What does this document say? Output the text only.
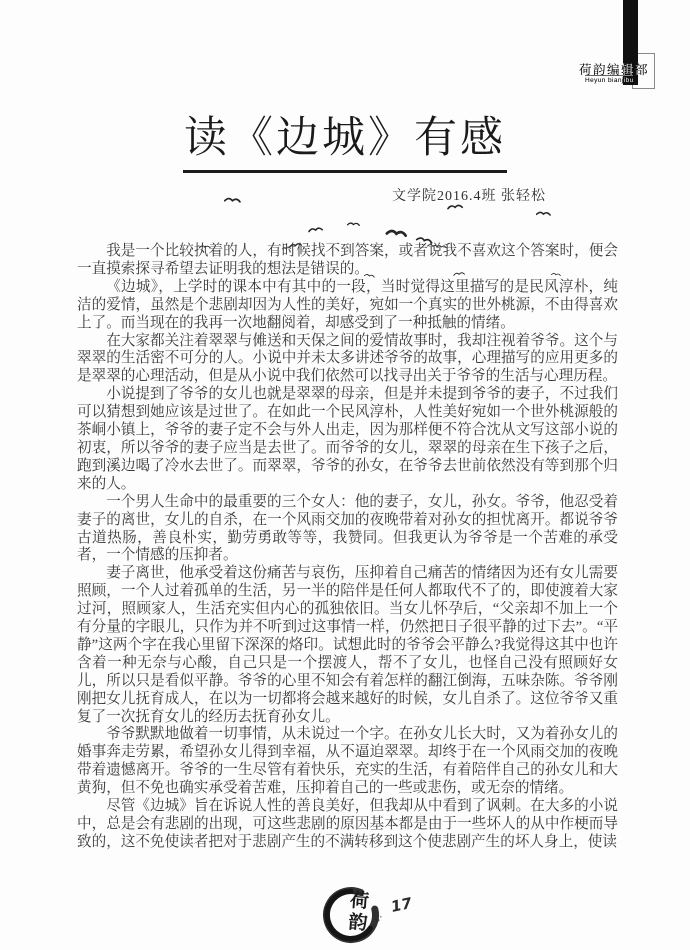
荷韵编辑部
Heyun bianjibu
读《边城》有感
文学院2016.4班 张轻松

我是一个比较执着的人，有时候找不到答案，或者说我不喜欢这个答案时，便会一直摸索探寻希望去证明我的想法是错误的。

《边城》，上学时的课本中有其中的一段，当时觉得这里描写的是民风淳朴，纯洁的爱情，虽然是个悲剧却因为人性的美好，宛如一个真实的世外桃源，不由得喜欢上了。而当现在的我再一次地翻阅着，却感受到了一种抵触的情绪。

在大家都关注着翠翠与傩送和天保之间的爱情故事时，我却注视着爷爷。这个与翠翠的生活密不可分的人。小说中并未太多讲述爷爷的故事，心理描写的应用更多的是翠翠的心理活动，但是从小说中我们依然可以找寻出关于爷爷的生活与心理历程。

小说提到了爷爷的女儿也就是翠翠的母亲，但是并未提到爷爷的妻子，不过我们可以猜想到她应该是过世了。在如此一个民风淳朴，人性美好宛如一个世外桃源般的茶峒小镇上，爷爷的妻子定不会与外人出走，因为那样便不符合沈从文写这部小说的初衷，所以爷爷的妻子应当是去世了。而爷爷的女儿，翠翠的母亲在生下孩子之后，跑到溪边喝了冷水去世了。而翠翠，爷爷的孙女，在爷爷去世前依然没有等到那个归来的人。

一个男人生命中的最重要的三个女人：他的妻子，女儿，孙女。爷爷，他忍受着妻子的离世，女儿的自杀，在一个风雨交加的夜晚带着对孙女的担忧离开。都说爷爷古道热肠，善良朴实，勤劳勇敢等等，我赞同。但我更认为爷爷是一个苦难的承受者，一个情感的压抑者。

妻子离世，他承受着这份痛苦与哀伤，压抑着自己痛苦的情绪因为还有女儿需要照顾，一个人过着孤单的生活，另一半的陪伴是任何人都取代不了的，即使渡着大家过河，照顾家人，生活充实但内心的孤独依旧。当女儿怀孕后，“父亲却不加上一个有分量的字眼儿，只作为并不听到过这事情一样，仍然把日子很平静的过下去”。“平静”这两个字在我心里留下深深的烙印。试想此时的爷爷会平静么?我觉得这其中也许含着一种无奈与心酸，自己只是一个摆渡人，帮不了女儿，也怪自己没有照顾好女儿，所以只是看似平静。爷爷的心里不知会有着怎样的翻江倒海，五味杂陈。爷爷刚刚把女儿抚育成人，在以为一切都将会越来越好的时候，女儿自杀了。这位爷爷又重复了一次抚育女儿的经历去抚育孙女儿。

爷爷默默地做着一切事情，从未说过一个字。在孙女儿长大时，又为着孙女儿的婚事奔走劳累，希望孙女儿得到幸福，从不逼迫翠翠。却终于在一个风雨交加的夜晚带着遗憾离开。爷爷的一生尽管有着快乐，充实的生活，有着陪伴自己的孙女儿和大黄狗，但不免也确实承受着苦难，压抑着自己的一些或悲伤，或无奈的情绪。

尽管《边城》旨在诉说人性的善良美好，但我却从中看到了讽刺。在大多的小说中，总是会有悲剧的出现，可这些悲剧的原因基本都是由于一些坏人的从中作梗而导致的，这不免使读者把对于悲剧产生的不满转移到这个使悲剧产生的坏人身上，使读

荷韵 17
